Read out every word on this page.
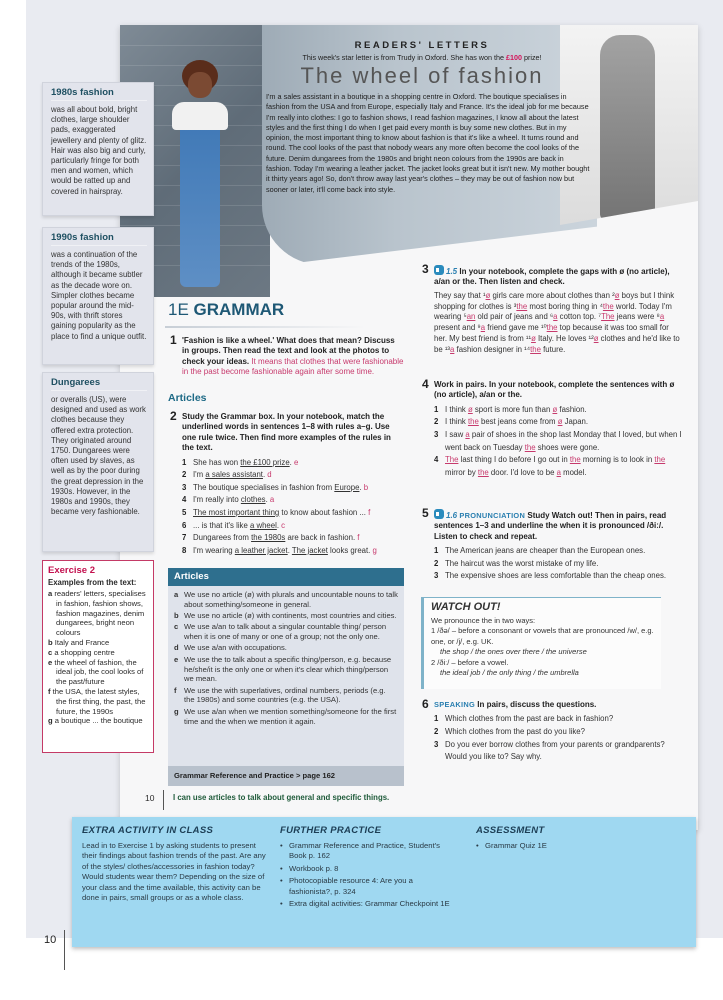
READERS' LETTERS
This week's star letter is from Trudy in Oxford. She has won the £100 prize!
The wheel of fashion
I'm a sales assistant in a boutique in a shopping centre in Oxford. The boutique specialises in fashion from the USA and from Europe, especially Italy and France. It's the ideal job for me because I'm really into clothes: I go to fashion shows, I read fashion magazines, I know all about the latest styles and the first thing I do when I get paid every month is buy some new clothes. But in my opinion, the most important thing to know about fashion is that it's like a wheel. It turns round and round. The cool looks of the past that nobody wears any more often become the cool looks of the future. Denim dungarees from the 1980s and bright neon colours from the 1990s are back in fashion. Today I'm wearing a leather jacket. The jacket looks great but it isn't new. My mother bought it thirty years ago! So, don't throw away last year's clothes – they may be out of fashion now but sooner or later, it'll come back into style.
1980s fashion

was all about bold, bright clothes, large shoulder pads, exaggerated jewellery and plenty of glitz. Hair was also big and curly, particularly fringe for both men and women, which would be ratted up and covered in hairspray.

1990s fashion

was a continuation of the trends of the 1980s, although it became subtler as the decade wore on. Simpler clothes became popular around the mid-90s, with thrift stores gaining popularity as the place to find a unique outfit.

Dungarees

or overalls (US), were designed and used as work clothes because they offered extra protection. They originated around 1750. Dungarees were often used by slaves, as well as by the poor during the great depression in the 1930s. However, in the 1980s and 1990s, they became very fashionable.

Exercise 2
Examples from the text:
a readers' letters, specialises in fashion, fashion shows, fashion magazines, denim dungarees, bright neon colours
b Italy and France
c a shopping centre
e the wheel of fashion, the ideal job, the cool looks of the past/future
f the USA, the latest styles, the first thing, the past, the future, the 1990s
g a boutique ... the boutique
1E GRAMMAR
1 'Fashion is like a wheel.' What does that mean? Discuss in groups. Then read the text and look at the photos to check your ideas. It means that clothes that were fashionable in the past become fashionable again after some time.
Articles
2 Study the Grammar box. In your notebook, match the underlined words in sentences 1–8 with rules a–g. Use one rule twice. Then find more examples of the rules in the text.
1 She has won the £100 prize. e
2 I'm a sales assistant. d
3 The boutique specialises in fashion from Europe. b
4 I'm really into clothes. a
5 The most important thing to know about fashion ... f
6 ... is that it's like a wheel. c
7 Dungarees from the 1980s are back in fashion. f
8 I'm wearing a leather jacket. The jacket looks great. g
Articles
a We use no article (ø) with plurals and uncountable nouns to talk about something/someone in general.
b We use no article (ø) with continents, most countries and cities.
c We use a/an to talk about a singular countable thing/ person when it is one of many or one of a group; not the only one.
d We use a/an with occupations.
e We use the to talk about a specific thing/person, e.g. because he/she/it is the only one or when it's clear which thing/person we mean.
f We use the with superlatives, ordinal numbers, periods (e.g. the 1980s) and some countries (e.g. the USA).
g We use a/an when we mention something/someone for the first time and the when we mention it again.
Grammar Reference and Practice > page 162
10 I can use articles to talk about general and specific things.
3 1.5 In your notebook, complete the gaps with ø (no article), a/an or the. Then listen and check.
They say that ¹ø girls care more about clothes than ²ø boys but I think shopping for clothes is ³the most boring thing in ⁴the world. Today I'm wearing ⁵an old pair of jeans and ⁶a cotton top. ⁷The jeans were ⁸a present and ⁹a friend gave me ¹⁰the top because it was too small for her. My best friend is from ¹¹ø Italy. He loves ¹²ø clothes and he'd like to be ¹³a fashion designer in ¹⁴the future.
4 Work in pairs. In your notebook, complete the sentences with ø (no article), a/an or the.
1 I think ø sport is more fun than ø fashion.
2 I think the best jeans come from ø Japan.
3 I saw a pair of shoes in the shop last Monday that I loved, but when I went back on Tuesday the shoes were gone.
4 The last thing I do before I go out in the morning is to look in the mirror by the door. I'd love to be a model.
5 1.6 PRONUNCIATION Study Watch out! Then in pairs, read sentences 1–3 and underline the when it is pronounced /ðiː/. Listen to check and repeat.
1 The American jeans are cheaper than the European ones.
2 The haircut was the worst mistake of my life.
3 The expensive shoes are less comfortable than the cheap ones.
WATCH OUT!

We pronounce the in two ways:

1 /ðə/ – before a consonant or vowels that are pronounced /w/, e.g. one, or /j/, e.g. UK.

the shop / the ones over there / the universe

2 /ðiː/ – before a vowel.

the ideal job / the only thing / the umbrella

6 SPEAKING In pairs, discuss the questions.
1 Which clothes from the past are back in fashion?
2 Which clothes from the past do you like?
3 Do you ever borrow clothes from your parents or grandparents? Would you like to? Say why.
EXTRA ACTIVITY IN CLASS

Lead in to Exercise 1 by asking students to present their findings about fashion trends of the past. Are any of the styles/ clothes/accessories in fashion today? Would students wear them? Depending on the size of your class and the time available, this activity can be done in pairs, small groups or as a whole class.

FURTHER PRACTICE
• Grammar Reference and Practice, Student's Book p. 162
• Workbook p. 8
• Photocopiable resource 4: Are you a fashionista?, p. 324
• Extra digital activities: Grammar Checkpoint 1E
ASSESSMENT
• Grammar Quiz 1E
10
